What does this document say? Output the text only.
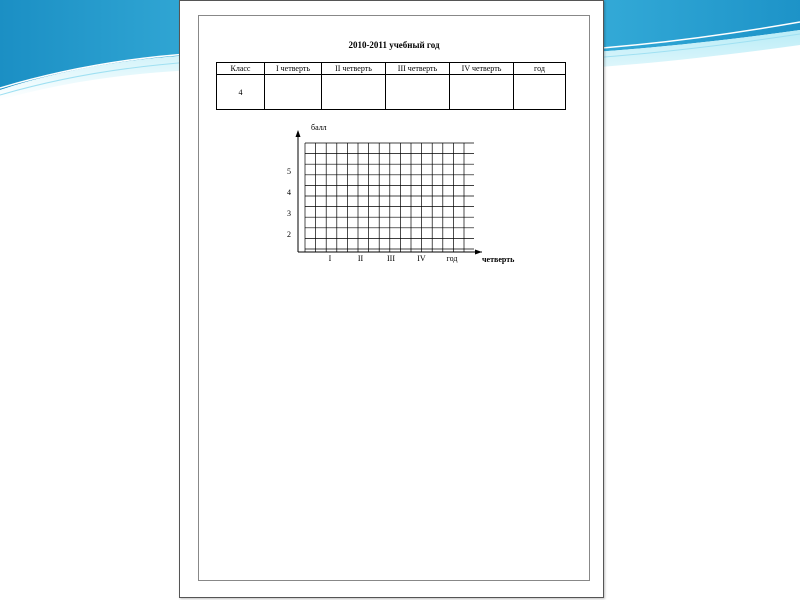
2010-2011 учебный год
Класс	I четверть	II четверть	III четверть	IV четверть	год
4					
балл
четверть
2
3
4
5
I	II	III	IV	год
